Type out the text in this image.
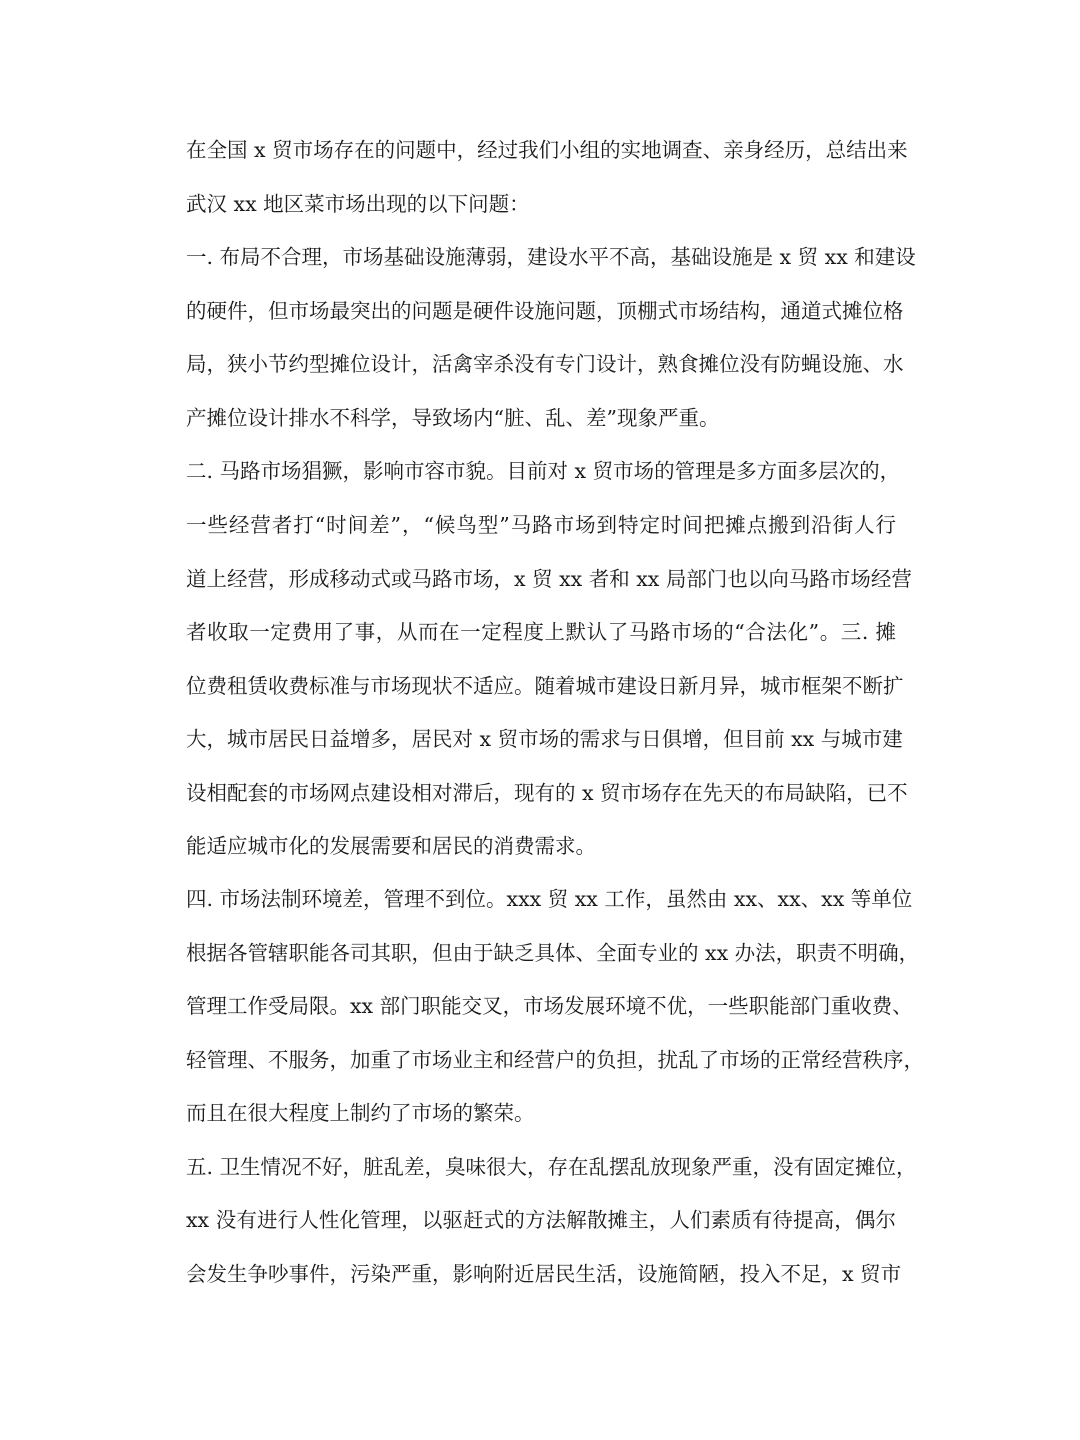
在全国 x 贸市场存在的问题中，经过我们小组的实地调查、亲身经历，总结出来
武汉 xx 地区菜市场出现的以下问题：
一. 布局不合理，市场基础设施薄弱，建设水平不高，基础设施是 x 贸 xx 和建设
的硬件，但市场最突出的问题是硬件设施问题，顶棚式市场结构，通道式摊位格
局，狭小节约型摊位设计，活禽宰杀没有专门设计，熟食摊位没有防蝇设施、水
产摊位设计排水不科学，导致场内“脏、乱、差”现象严重。
二. 马路市场猖獗，影响市容市貌。目前对 x 贸市场的管理是多方面多层次的，
一些经营者打“时间差”，“候鸟型”马路市场到特定时间把摊点搬到沿街人行
道上经营，形成移动式或马路市场，x 贸 xx 者和 xx 局部门也以向马路市场经营
者收取一定费用了事，从而在一定程度上默认了马路市场的“合法化”。三. 摊
位费租赁收费标准与市场现状不适应。随着城市建设日新月异，城市框架不断扩
大，城市居民日益增多，居民对 x 贸市场的需求与日俱增，但目前 xx 与城市建
设相配套的市场网点建设相对滞后，现有的 x 贸市场存在先天的布局缺陷，已不
能适应城市化的发展需要和居民的消费需求。
四. 市场法制环境差，管理不到位。xxx 贸 xx 工作，虽然由 xx、xx、xx 等单位
根据各管辖职能各司其职，但由于缺乏具体、全面专业的 xx 办法，职责不明确，
管理工作受局限。xx 部门职能交叉，市场发展环境不优，一些职能部门重收费、
轻管理、不服务，加重了市场业主和经营户的负担，扰乱了市场的正常经营秩序，
而且在很大程度上制约了市场的繁荣。
五. 卫生情况不好，脏乱差，臭味很大，存在乱摆乱放现象严重，没有固定摊位，
xx 没有进行人性化管理，以驱赶式的方法解散摊主，人们素质有待提高，偶尔
会发生争吵事件，污染严重，影响附近居民生活，设施简陋，投入不足，x 贸市
